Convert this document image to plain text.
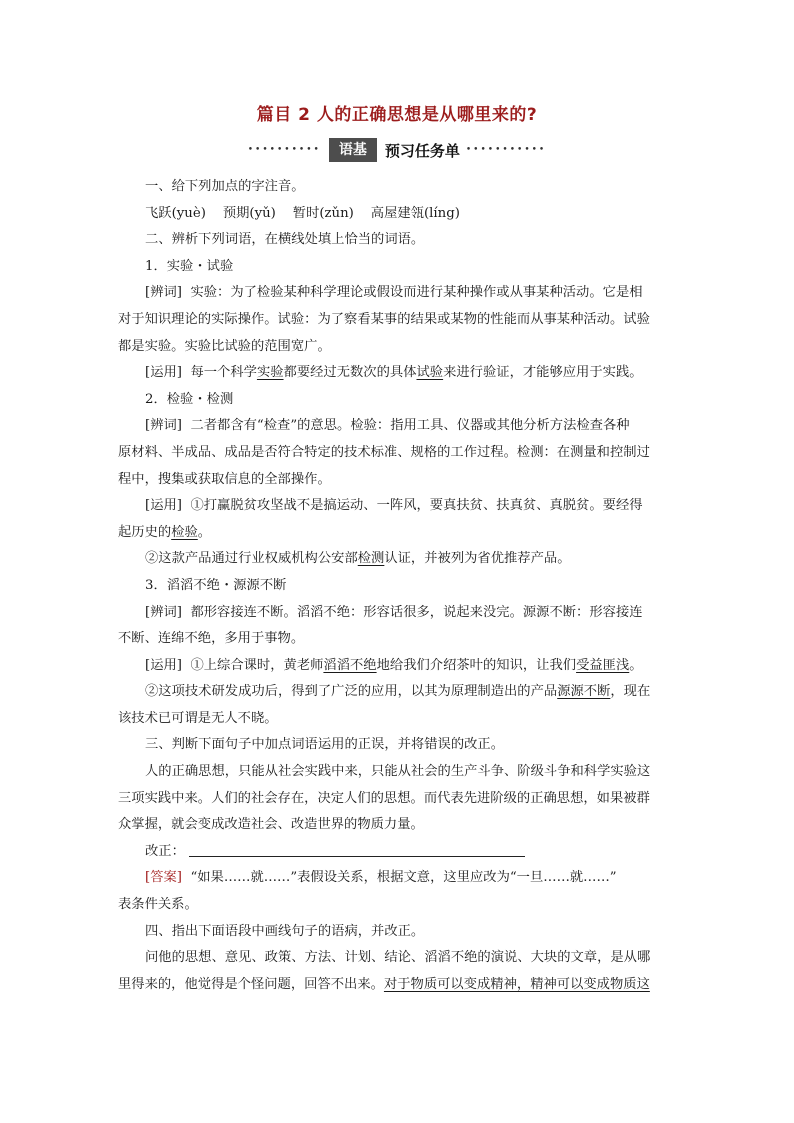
篇目 2 人的正确思想是从哪里来的?
••••••••••	语基	预习任务单 •••••••••••
一、给下列加点的字注音。
飞跃(yuè)    预期(yǔ)    暂时(zǔn)    高屋建瓴(líng)
二、辨析下列词语，在横线处填上恰当的词语。
1．实验・试验
[辨词] 实验：为了检验某种科学理论或假设而进行某种操作或从事某种活动。它是相
对于知识理论的实际操作。试验：为了察看某事的结果或某物的性能而从事某种活动。试验
都是实验。实验比试验的范围宽广。
[运用] 每一个科学实验都要经过无数次的具体试验来进行验证，才能够应用于实践。
2．检验・检测
[辨词] 二者都含有“检查”的意思。检验：指用工具、仪器或其他分析方法检查各种
原材料、半成品、成品是否符合特定的技术标准、规格的工作过程。检测：在测量和控制过
程中，搜集或获取信息的全部操作。
[运用] ①打赢脱贫攻坚战不是搞运动、一阵风，要真扶贫、扶真贫、真脱贫。要经得
起历史的检验。
②这款产品通过行业权威机构公安部检测认证，并被列为省优推荐产品。
3．滔滔不绝・源源不断
[辨词] 都形容接连不断。滔滔不绝：形容话很多，说起来没完。源源不断：形容接连
不断、连绵不绝，多用于事物。
[运用] ①上综合课时，黄老师滔滔不绝地给我们介绍茶叶的知识，让我们受益匪浅。
②这项技术研发成功后，得到了广泛的应用，以其为原理制造出的产品源源不断，现在
该技术已可谓是无人不晓。
三、判断下面句子中加点词语运用的正误，并将错误的改正。
人的正确思想，只能从社会实践中来，只能从社会的生产斗争、阶级斗争和科学实验这
三项实践中来。人们的社会存在，决定人们的思想。而代表先进阶级的正确思想，如果被群
众掌握，就会变成改造社会、改造世界的物质力量。
改正：
[答案] “如果……就……”表假设关系，根据文意，这里应改为“一旦……就……”
表条件关系。
四、指出下面语段中画线句子的语病，并改正。
问他的思想、意见、政策、方法、计划、结论、滔滔不绝的演说、大块的文章，是从哪
里得来的，他觉得是个怪问题，回答不出来。对于物质可以变成精神，精神可以变成物质这
